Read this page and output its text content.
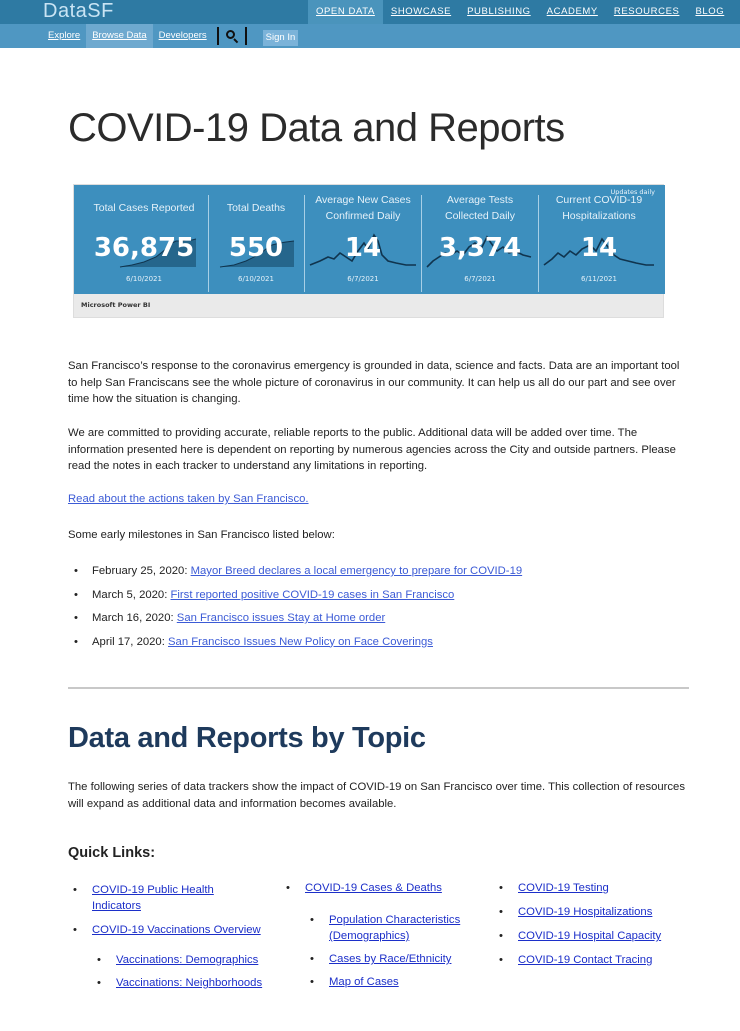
DataSF	OPEN DATA	SHOWCASE	PUBLISHING	ACADEMY	RESOURCES	BLOG
Explore	Browse Data	Developers	Sign In
COVID-19 Data and Reports
Updates daily
Total Cases Reported
36,875
6/10/2021
Total Deaths
550
6/10/2021
Average New Cases
Confirmed Daily
14
6/7/2021
Average Tests
Collected Daily
3,374
6/7/2021
Current COVID-19
Hospitalizations
14
6/11/2021
Microsoft Power BI

San Francisco’s response to the coronavirus emergency is grounded in data, science and facts. Data are an important tool to help San Franciscans see the whole picture of coronavirus in our community. It can help us all do our part and see over time how the situation is changing.

We are committed to providing accurate, reliable reports to the public. Additional data will be added over time. The information presented here is dependent on reporting by numerous agencies across the City and outside partners. Please read the notes in each tracker to understand any limitations in reporting.

Read about the actions taken by San Francisco.

Some early milestones in San Francisco listed below:

• February 25, 2020: Mayor Breed declares a local emergency to prepare for COVID-19
• March 5, 2020: First reported positive COVID-19 cases in San Francisco
• March 16, 2020: San Francisco issues Stay at Home order
• April 17, 2020: San Francisco Issues New Policy on Face Coverings
Data and Reports by Topic

The following series of data trackers show the impact of COVID-19 on San Francisco over time. This collection of resources will expand as additional data and information becomes available.

Quick Links:
• COVID-19 Public Health Indicators
• COVID-19 Vaccinations Overview
• Vaccinations: Demographics
• Vaccinations: Neighborhoods
• COVID-19 Cases & Deaths
• Population Characteristics (Demographics)
• Cases by Race/Ethnicity
• Map of Cases
• COVID-19 Testing
• COVID-19 Hospitalizations
• COVID-19 Hospital Capacity
• COVID-19 Contact Tracing
